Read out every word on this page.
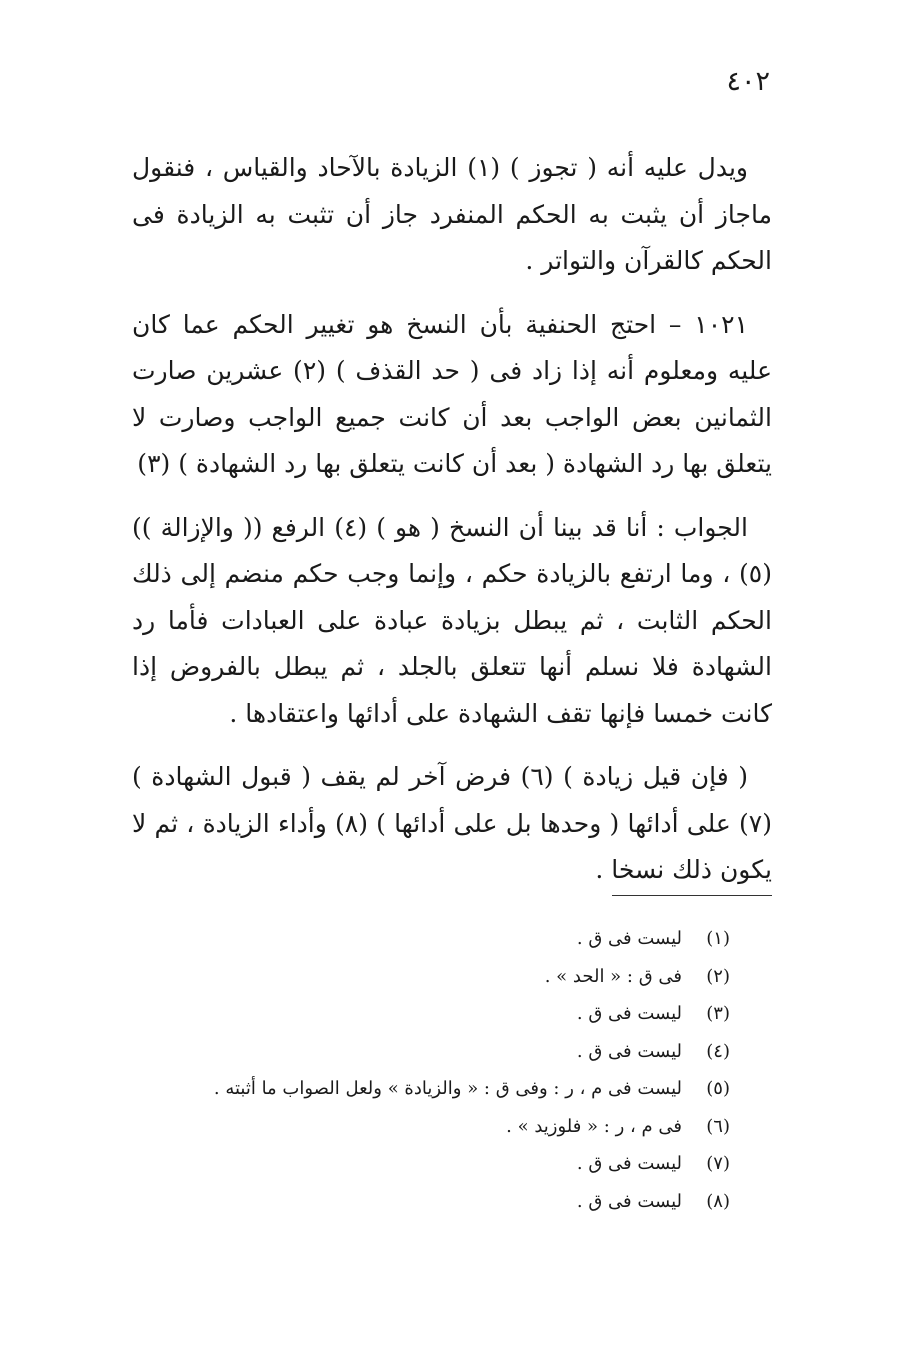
٤٠٢

ويدل عليه أنه ( تجوز ) (١) الزيادة بالآحاد والقياس ، فنقول ماجاز أن يثبت به الحكم المنفرد جاز أن تثبت به الزيادة فى الحكم كالقرآن والتواتر .

١٠٢١ – احتج الحنفية بأن النسخ هو تغيير الحكم عما كان عليه ومعلوم أنه إذا زاد فى ( حد القذف ) (٢) عشرين صارت الثمانين بعض الواجب بعد أن كانت جميع الواجب وصارت لا يتعلق بها رد الشهادة ( بعد أن كانت يتعلق بها رد الشهادة ) (٣)

الجواب : أنا قد بينا أن النسخ ( هو ) (٤) الرفع (( والإزالة )) (٥) ، وما ارتفع بالزيادة حكم ، وإنما وجب حكم منضم إلى ذلك الحكم الثابت ، ثم يبطل بزيادة عبادة على العبادات فأما رد الشهادة فلا نسلم أنها تتعلق بالجلد ، ثم يبطل بالفروض إذا كانت خمسا فإنها تقف الشهادة على أدائها واعتقادها .

( فإن قيل زيادة ) (٦) فرض آخر لم يقف ( قبول الشهادة ) (٧) على أدائها ( وحدها بل على أدائها ) (٨) وأداء الزيادة ، ثم لا يكون ذلك نسخا .

(١)ليست فى ق .
(٢)فى ق : « الحد » .
(٣)ليست فى ق .
(٤)ليست فى ق .
(٥)ليست فى م ، ر : وفى ق : « والزيادة » ولعل الصواب ما أثبته .
(٦)فى م ، ر : « فلوزيد » .
(٧)ليست فى ق .
(٨)ليست فى ق .
